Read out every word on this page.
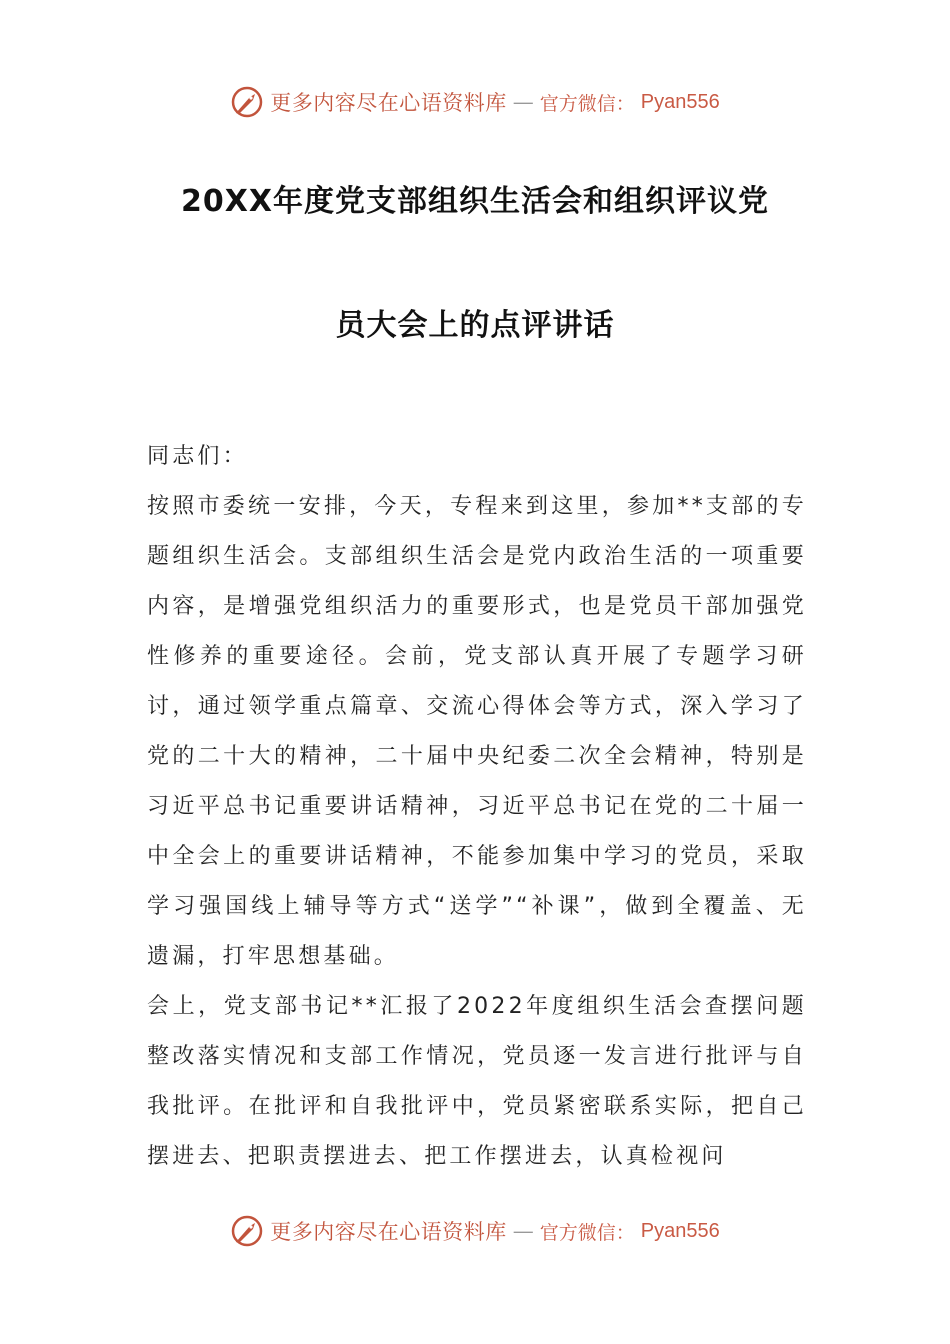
更多内容尽在心语资料库 — 官方微信： Pyan556
20XX年度党支部组织生活会和组织评议党
员大会上的点评讲话

同志们：

按照市委统一安排，今天，专程来到这里，参加**支部的专题组织生活会。支部组织生活会是党内政治生活的一项重要内容，是增强党组织活力的重要形式，也是党员干部加强党性修养的重要途径。会前，党支部认真开展了专题学习研讨，通过领学重点篇章、交流心得体会等方式，深入学习了党的二十大的精神，二十届中央纪委二次全会精神，特别是习近平总书记重要讲话精神，习近平总书记在党的二十届一中全会上的重要讲话精神，不能参加集中学习的党员，采取学习强国线上辅导等方式“送学”“补课”，做到全覆盖、无遗漏，打牢思想基础。

会上，党支部书记**汇报了2022年度组织生活会查摆问题整改落实情况和支部工作情况，党员逐一发言进行批评与自我批评。在批评和自我批评中，党员紧密联系实际，把自己摆进去、把职责摆进去、把工作摆进去，认真检视问

更多内容尽在心语资料库 — 官方微信： Pyan556
